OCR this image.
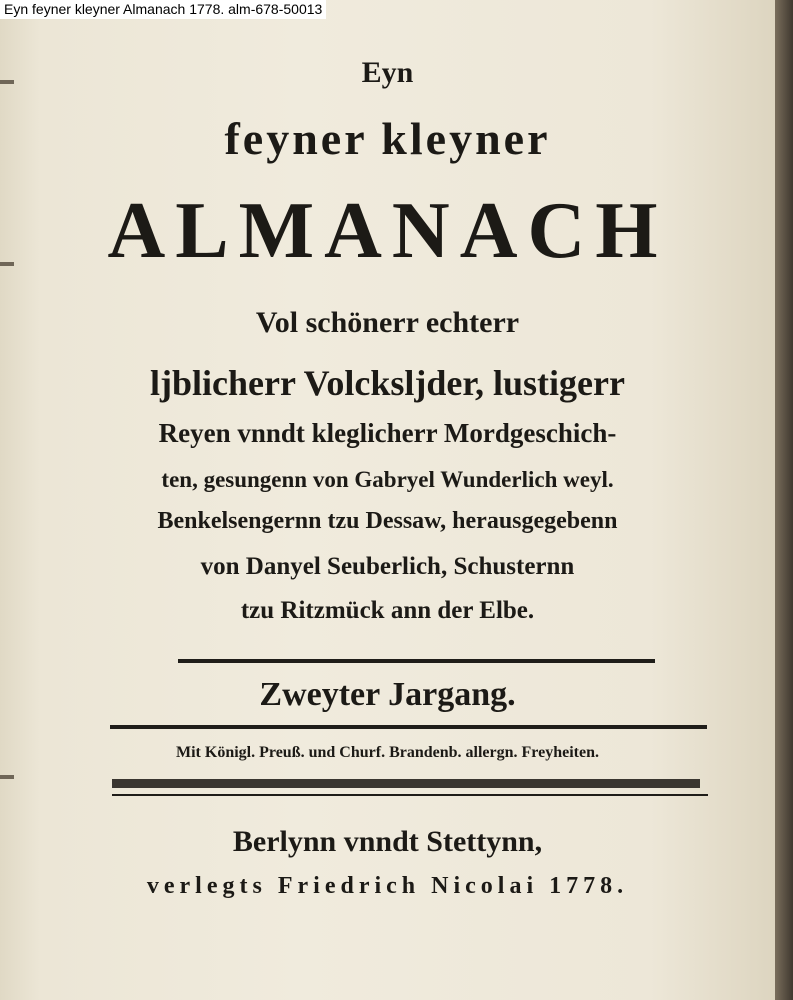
Eyn
feyner kleyner
ALMANACH
Vol schönerr echterr
ljblicherr Volcksljder, lustigerr
Reyen vnndt kleglicherr Mordgeschich-
ten, gesungenn von Gabryel Wunderlich weyl.
Benkelsengernn tzu Dessaw, herausgegebenn
von Danyel Seuberlich, Schusternn
tzu Ritzmück ann der Elbe.
Zweyter Jargang.
Mit Königl. Preuß. und Churf. Brandenb. allergn. Freyheiten.
Berlynn vnndt Stettynn,
verlegts Friedrich Nicolai 1778.
Eyn feyner kleyner Almanach 1778. alm-678-50013
